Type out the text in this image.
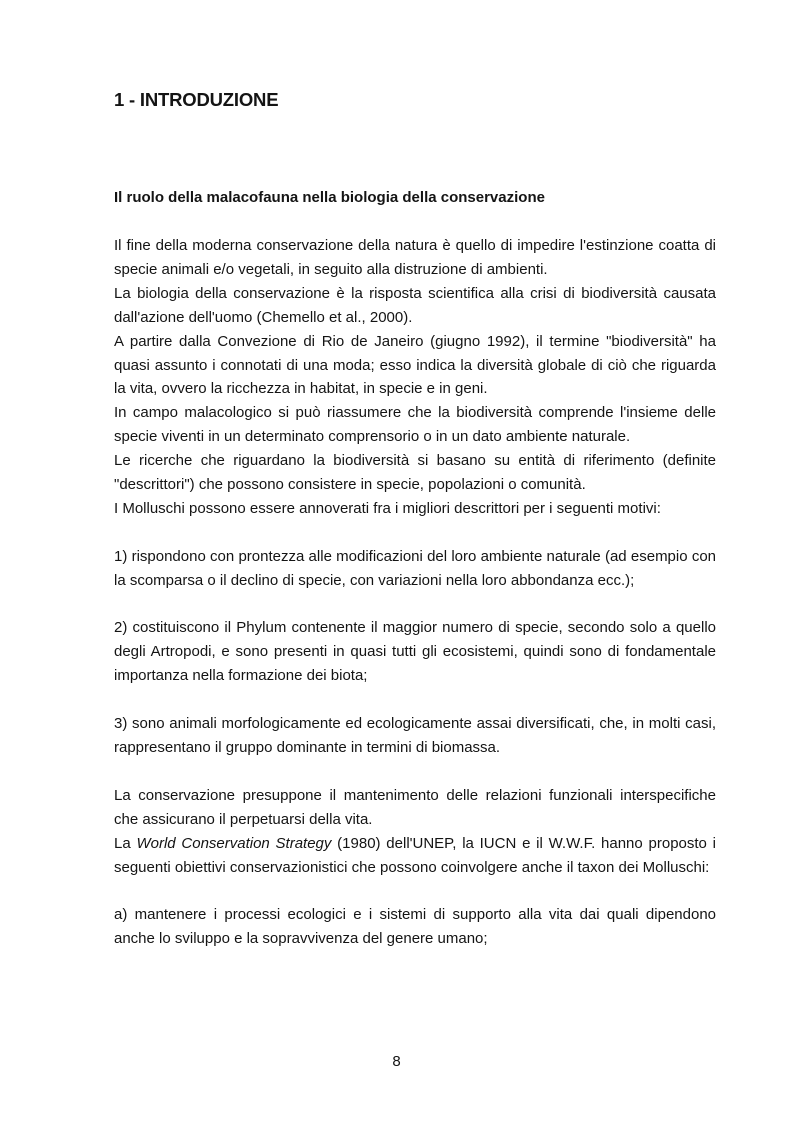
1 - INTRODUZIONE
Il ruolo della malacofauna nella biologia della conservazione

Il fine della moderna conservazione della natura è quello di impedire l'estinzione coatta di specie animali e/o vegetali, in seguito alla distruzione di ambienti.

La biologia della conservazione è la risposta scientifica alla crisi di biodiversità causata dall'azione dell'uomo (Chemello et al., 2000).

A partire dalla Convezione di Rio de Janeiro (giugno 1992), il termine "biodiversità" ha quasi assunto i connotati di una moda; esso indica la diversità globale di ciò che riguarda la vita, ovvero la ricchezza in habitat, in specie e in geni.

In campo malacologico si può riassumere che la biodiversità comprende l'insieme delle specie viventi in un determinato comprensorio o in un dato ambiente naturale.

Le ricerche che riguardano la biodiversità si basano su entità di riferimento (definite "descrittori") che possono consistere in specie, popolazioni o comunità.

I Molluschi possono essere annoverati fra i migliori descrittori per i seguenti motivi:

1) rispondono con prontezza alle modificazioni del loro ambiente naturale (ad esempio con la scomparsa o il declino di specie, con variazioni nella loro abbondanza ecc.);

2) costituiscono il Phylum contenente il maggior numero di specie, secondo solo a quello degli Artropodi, e sono presenti in quasi tutti gli ecosistemi, quindi sono di fondamentale importanza nella formazione dei biota;

3) sono animali morfologicamente ed ecologicamente assai diversificati, che, in molti casi, rappresentano il gruppo dominante in termini di biomassa.

La conservazione presuppone il mantenimento delle relazioni funzionali interspecifiche che assicurano il perpetuarsi della vita.

La World Conservation Strategy (1980) dell'UNEP, la IUCN e il W.W.F. hanno proposto i seguenti obiettivi conservazionistici che possono coinvolgere anche il taxon dei Molluschi:

a) mantenere i processi ecologici e i sistemi di supporto alla vita dai quali dipendono anche lo sviluppo e la sopravvivenza del genere umano;

8
